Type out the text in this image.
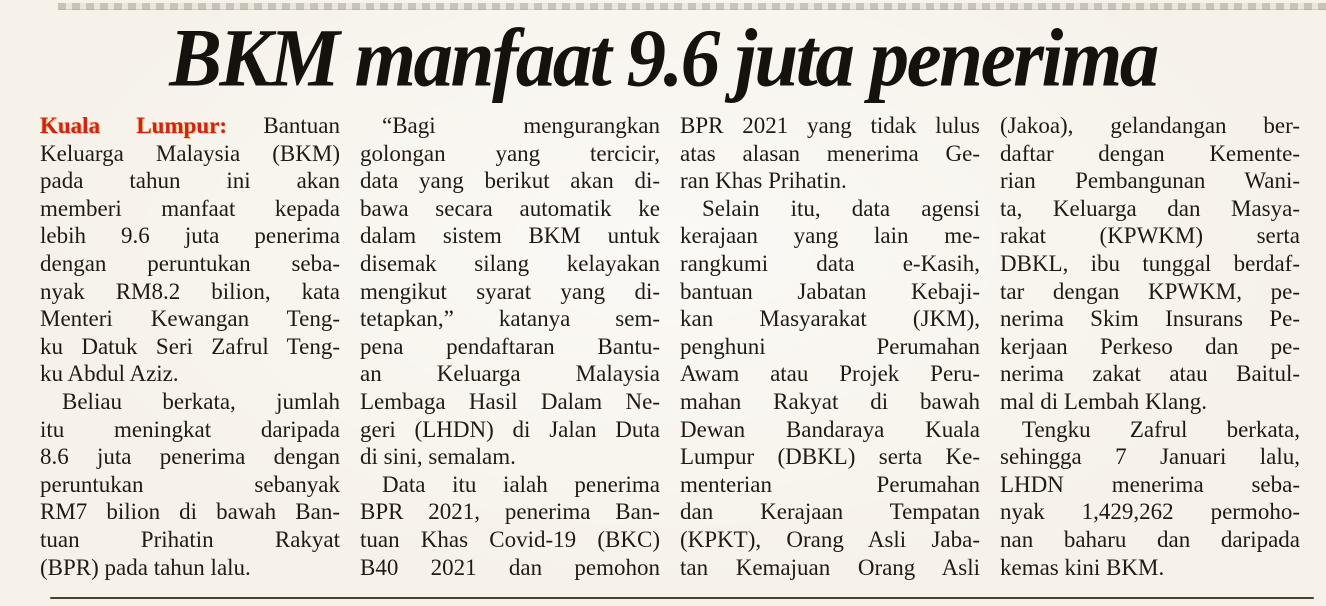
BKM manfaat 9.6 juta penerima
Kuala Lumpur: Bantuan
Keluarga Malaysia (BKM)
pada tahun ini akan
memberi manfaat kepada
lebih 9.6 juta penerima
dengan peruntukan seba-
nyak RM8.2 bilion, kata
Menteri Kewangan Teng-
ku Datuk Seri Zafrul Teng-
ku Abdul Aziz.
Beliau berkata, jumlah
itu meningkat daripada
8.6 juta penerima dengan
peruntukan sebanyak
RM7 bilion di bawah Ban-
tuan Prihatin Rakyat
(BPR) pada tahun lalu.
“Bagi mengurangkan
golongan yang tercicir,
data yang berikut akan di-
bawa secara automatik ke
dalam sistem BKM untuk
disemak silang kelayakan
mengikut syarat yang di-
tetapkan,” katanya sem-
pena pendaftaran Bantu-
an Keluarga Malaysia
Lembaga Hasil Dalam Ne-
geri (LHDN) di Jalan Duta
di sini, semalam.
Data itu ialah penerima
BPR 2021, penerima Ban-
tuan Khas Covid-19 (BKC)
B40 2021 dan pemohon
BPR 2021 yang tidak lulus
atas alasan menerima Ge-
ran Khas Prihatin.
Selain itu, data agensi
kerajaan yang lain me-
rangkumi data e-Kasih,
bantuan Jabatan Kebaji-
kan Masyarakat (JKM),
penghuni Perumahan
Awam atau Projek Peru-
mahan Rakyat di bawah
Dewan Bandaraya Kuala
Lumpur (DBKL) serta Ke-
menterian Perumahan
dan Kerajaan Tempatan
(KPKT), Orang Asli Jaba-
tan Kemajuan Orang Asli
(Jakoa), gelandangan ber-
daftar dengan Kemente-
rian Pembangunan Wani-
ta, Keluarga dan Masya-
rakat (KPWKM) serta
DBKL, ibu tunggal berdaf-
tar dengan KPWKM, pe-
nerima Skim Insurans Pe-
kerjaan Perkeso dan pe-
nerima zakat atau Baitul-
mal di Lembah Klang.
Tengku Zafrul berkata,
sehingga 7 Januari lalu,
LHDN menerima seba-
nyak 1,429,262 permoho-
nan baharu dan daripada
kemas kini BKM.
